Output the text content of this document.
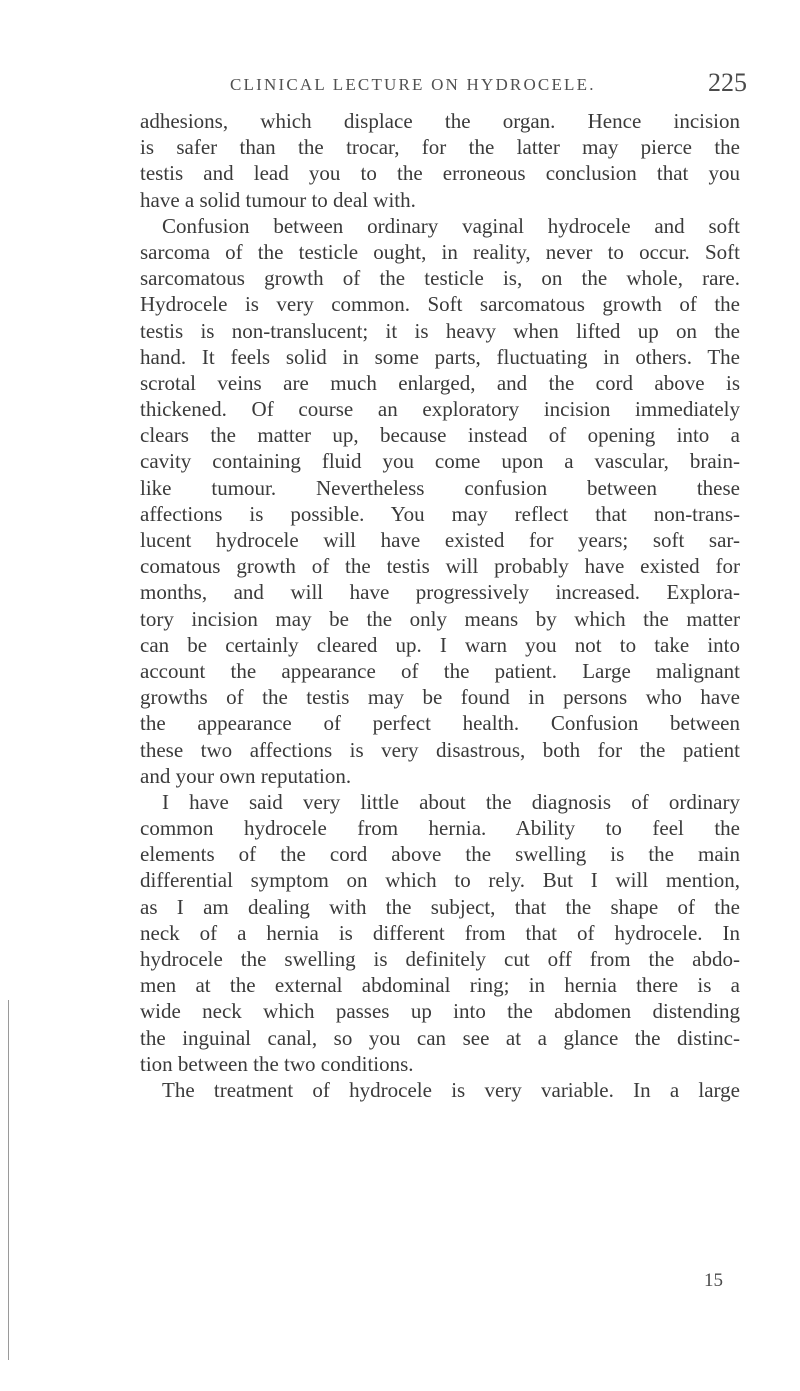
CLINICAL LECTURE ON HYDROCELE.	225
adhesions, which displace the organ. Hence incision
is safer than the trocar, for the latter may pierce the
testis and lead you to the erroneous conclusion that you
have a solid tumour to deal with.
Confusion between ordinary vaginal hydrocele and soft
sarcoma of the testicle ought, in reality, never to occur. Soft
sarcomatous growth of the testicle is, on the whole, rare.
Hydrocele is very common. Soft sarcomatous growth of the
testis is non-translucent; it is heavy when lifted up on the
hand. It feels solid in some parts, fluctuating in others. The
scrotal veins are much enlarged, and the cord above is
thickened. Of course an exploratory incision immediately
clears the matter up, because instead of opening into a
cavity containing fluid you come upon a vascular, brain-
like tumour. Nevertheless confusion between these
affections is possible. You may reflect that non-trans-
lucent hydrocele will have existed for years; soft sar-
comatous growth of the testis will probably have existed for
months, and will have progressively increased. Explora-
tory incision may be the only means by which the matter
can be certainly cleared up. I warn you not to take into
account the appearance of the patient. Large malignant
growths of the testis may be found in persons who have
the appearance of perfect health. Confusion between
these two affections is very disastrous, both for the patient
and your own reputation.
I have said very little about the diagnosis of ordinary
common hydrocele from hernia. Ability to feel the
elements of the cord above the swelling is the main
differential symptom on which to rely. But I will mention,
as I am dealing with the subject, that the shape of the
neck of a hernia is different from that of hydrocele. In
hydrocele the swelling is definitely cut off from the abdo-
men at the external abdominal ring; in hernia there is a
wide neck which passes up into the abdomen distending
the inguinal canal, so you can see at a glance the distinc-
tion between the two conditions.
The treatment of hydrocele is very variable. In a large
15
